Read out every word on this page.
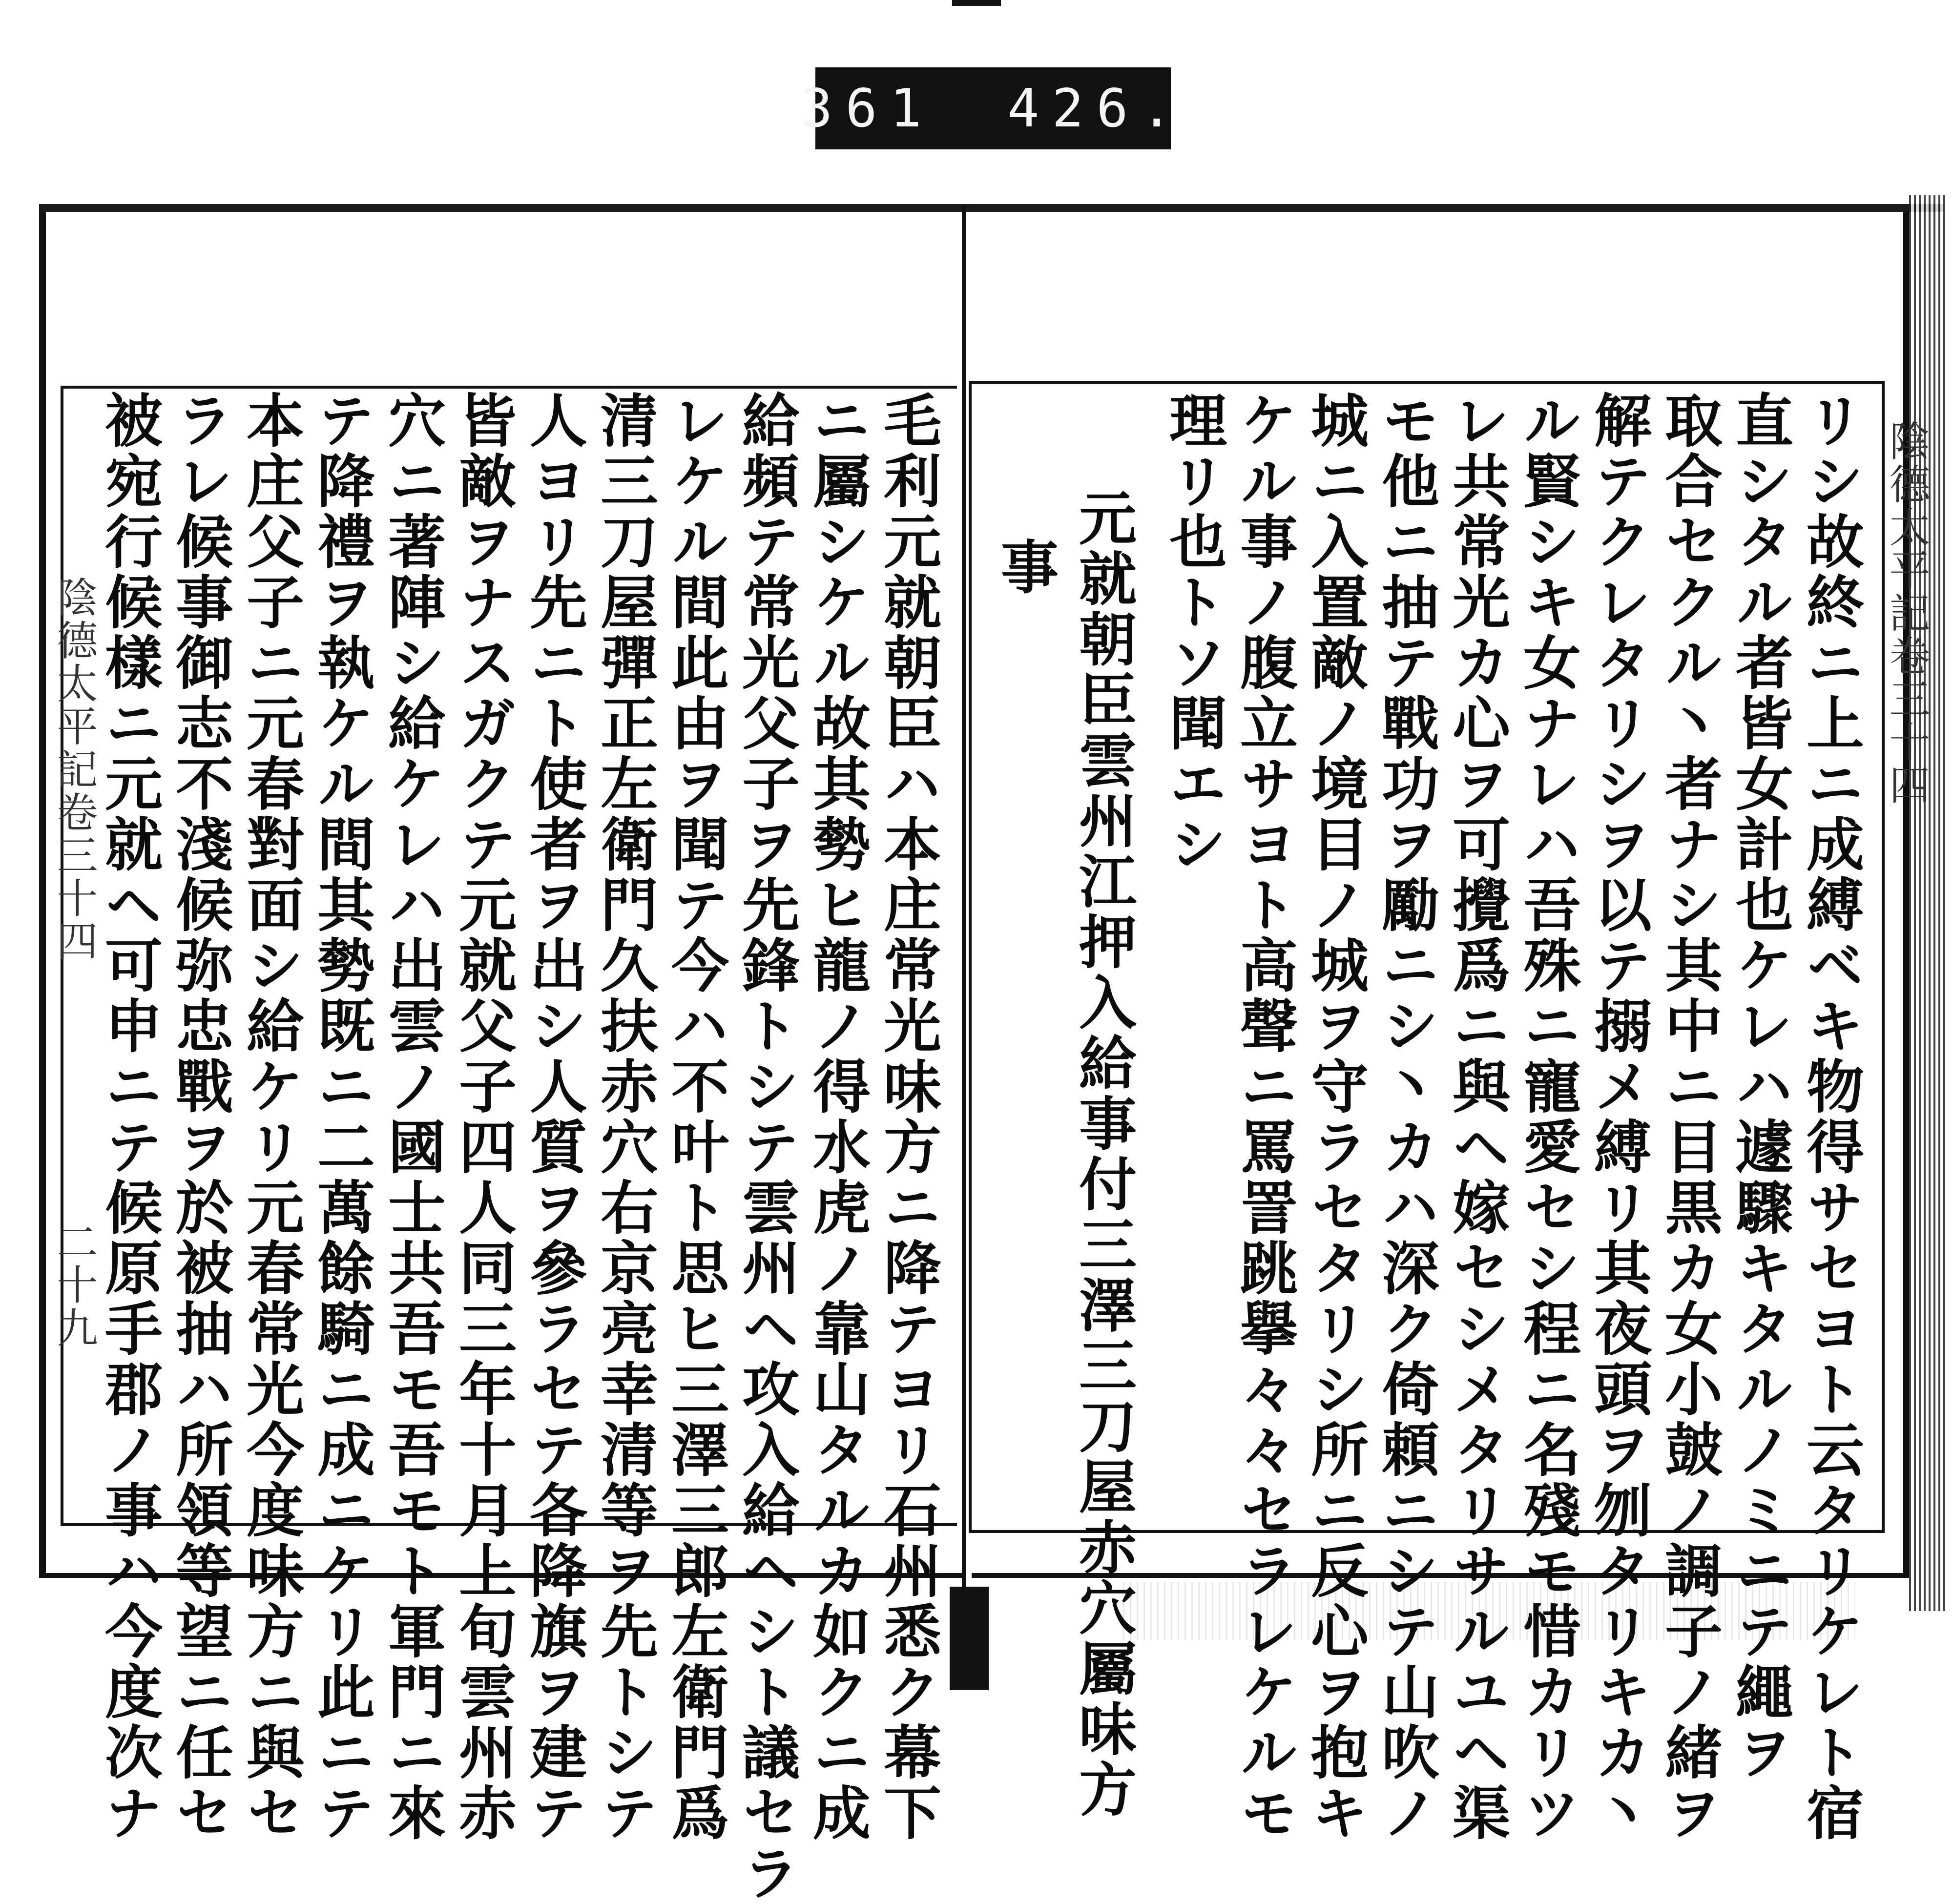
361 426.
陰德太平記卷三十四
リシ故終ニ上ニ成縛ベキ物得サセヨト云タリケレト宿
直シタル者皆女計也ケレハ遽驟キタルノミニテ繩ヲ
取合セクル丶者ナシ其中ニ目黒カ女小皷ノ調子ノ緒ヲ
解テクレタリシヲ以テ搦メ縛リ其夜頭ヲ刎タリキカ丶
ル賢シキ女ナレハ吾殊ニ寵愛セシ程ニ名殘モ惜カリツ
レ共常光カ心ヲ可攪爲ニ與ヘ嫁セシメタリサルユヘ渠
モ他ニ抽テ戰功ヲ勵ニシ丶カハ深ク倚頼ニシテ山吹ノ
城ニ入置敵ノ境目ノ城ヲ守ラセタリシ所ニ反心ヲ抱キ
ケル事ノ腹立サヨト高聲ニ罵詈跳擧々々セラレケルモ
理リ也トソ聞エシ
元就朝臣雲州江押入給事付三澤三刀屋赤穴屬味方
事
毛利元就朝臣ハ本庄常光味方ニ降テヨリ石州悉ク幕下
ニ屬シケル故其勢ヒ龍ノ得水虎ノ靠山タルカ如クニ成
給頻テ常光父子ヲ先鋒トシテ雲州ヘ攻入給ヘシト議セラ
レケル間此由ヲ聞テ今ハ不叶ト思ヒ三澤三郎左衛門爲
清三刀屋彈正左衛門久扶赤穴右京亮幸清等ヲ先トシテ
人ヨリ先ニト使者ヲ出シ人質ヲ參ラセテ各降旗ヲ建テ
皆敵ヲナスガクテ元就父子四人同三年十月上旬雲州赤
穴ニ著陣シ給ケレハ出雲ノ國士共吾モ吾モト軍門ニ來
テ降禮ヲ執ケル間其勢既ニ二萬餘騎ニ成ニケリ此ニテ
本庄父子ニ元春對面シ給ケリ元春常光今度味方ニ與セ
ラレ候事御志不淺候弥忠戰ヲ於被抽ハ所領等望ニ任セ
被宛行候樣ニ元就ヘ可申ニテ候原手郡ノ事ハ今度次ナ
陰德太平記卷三十四
二十九
